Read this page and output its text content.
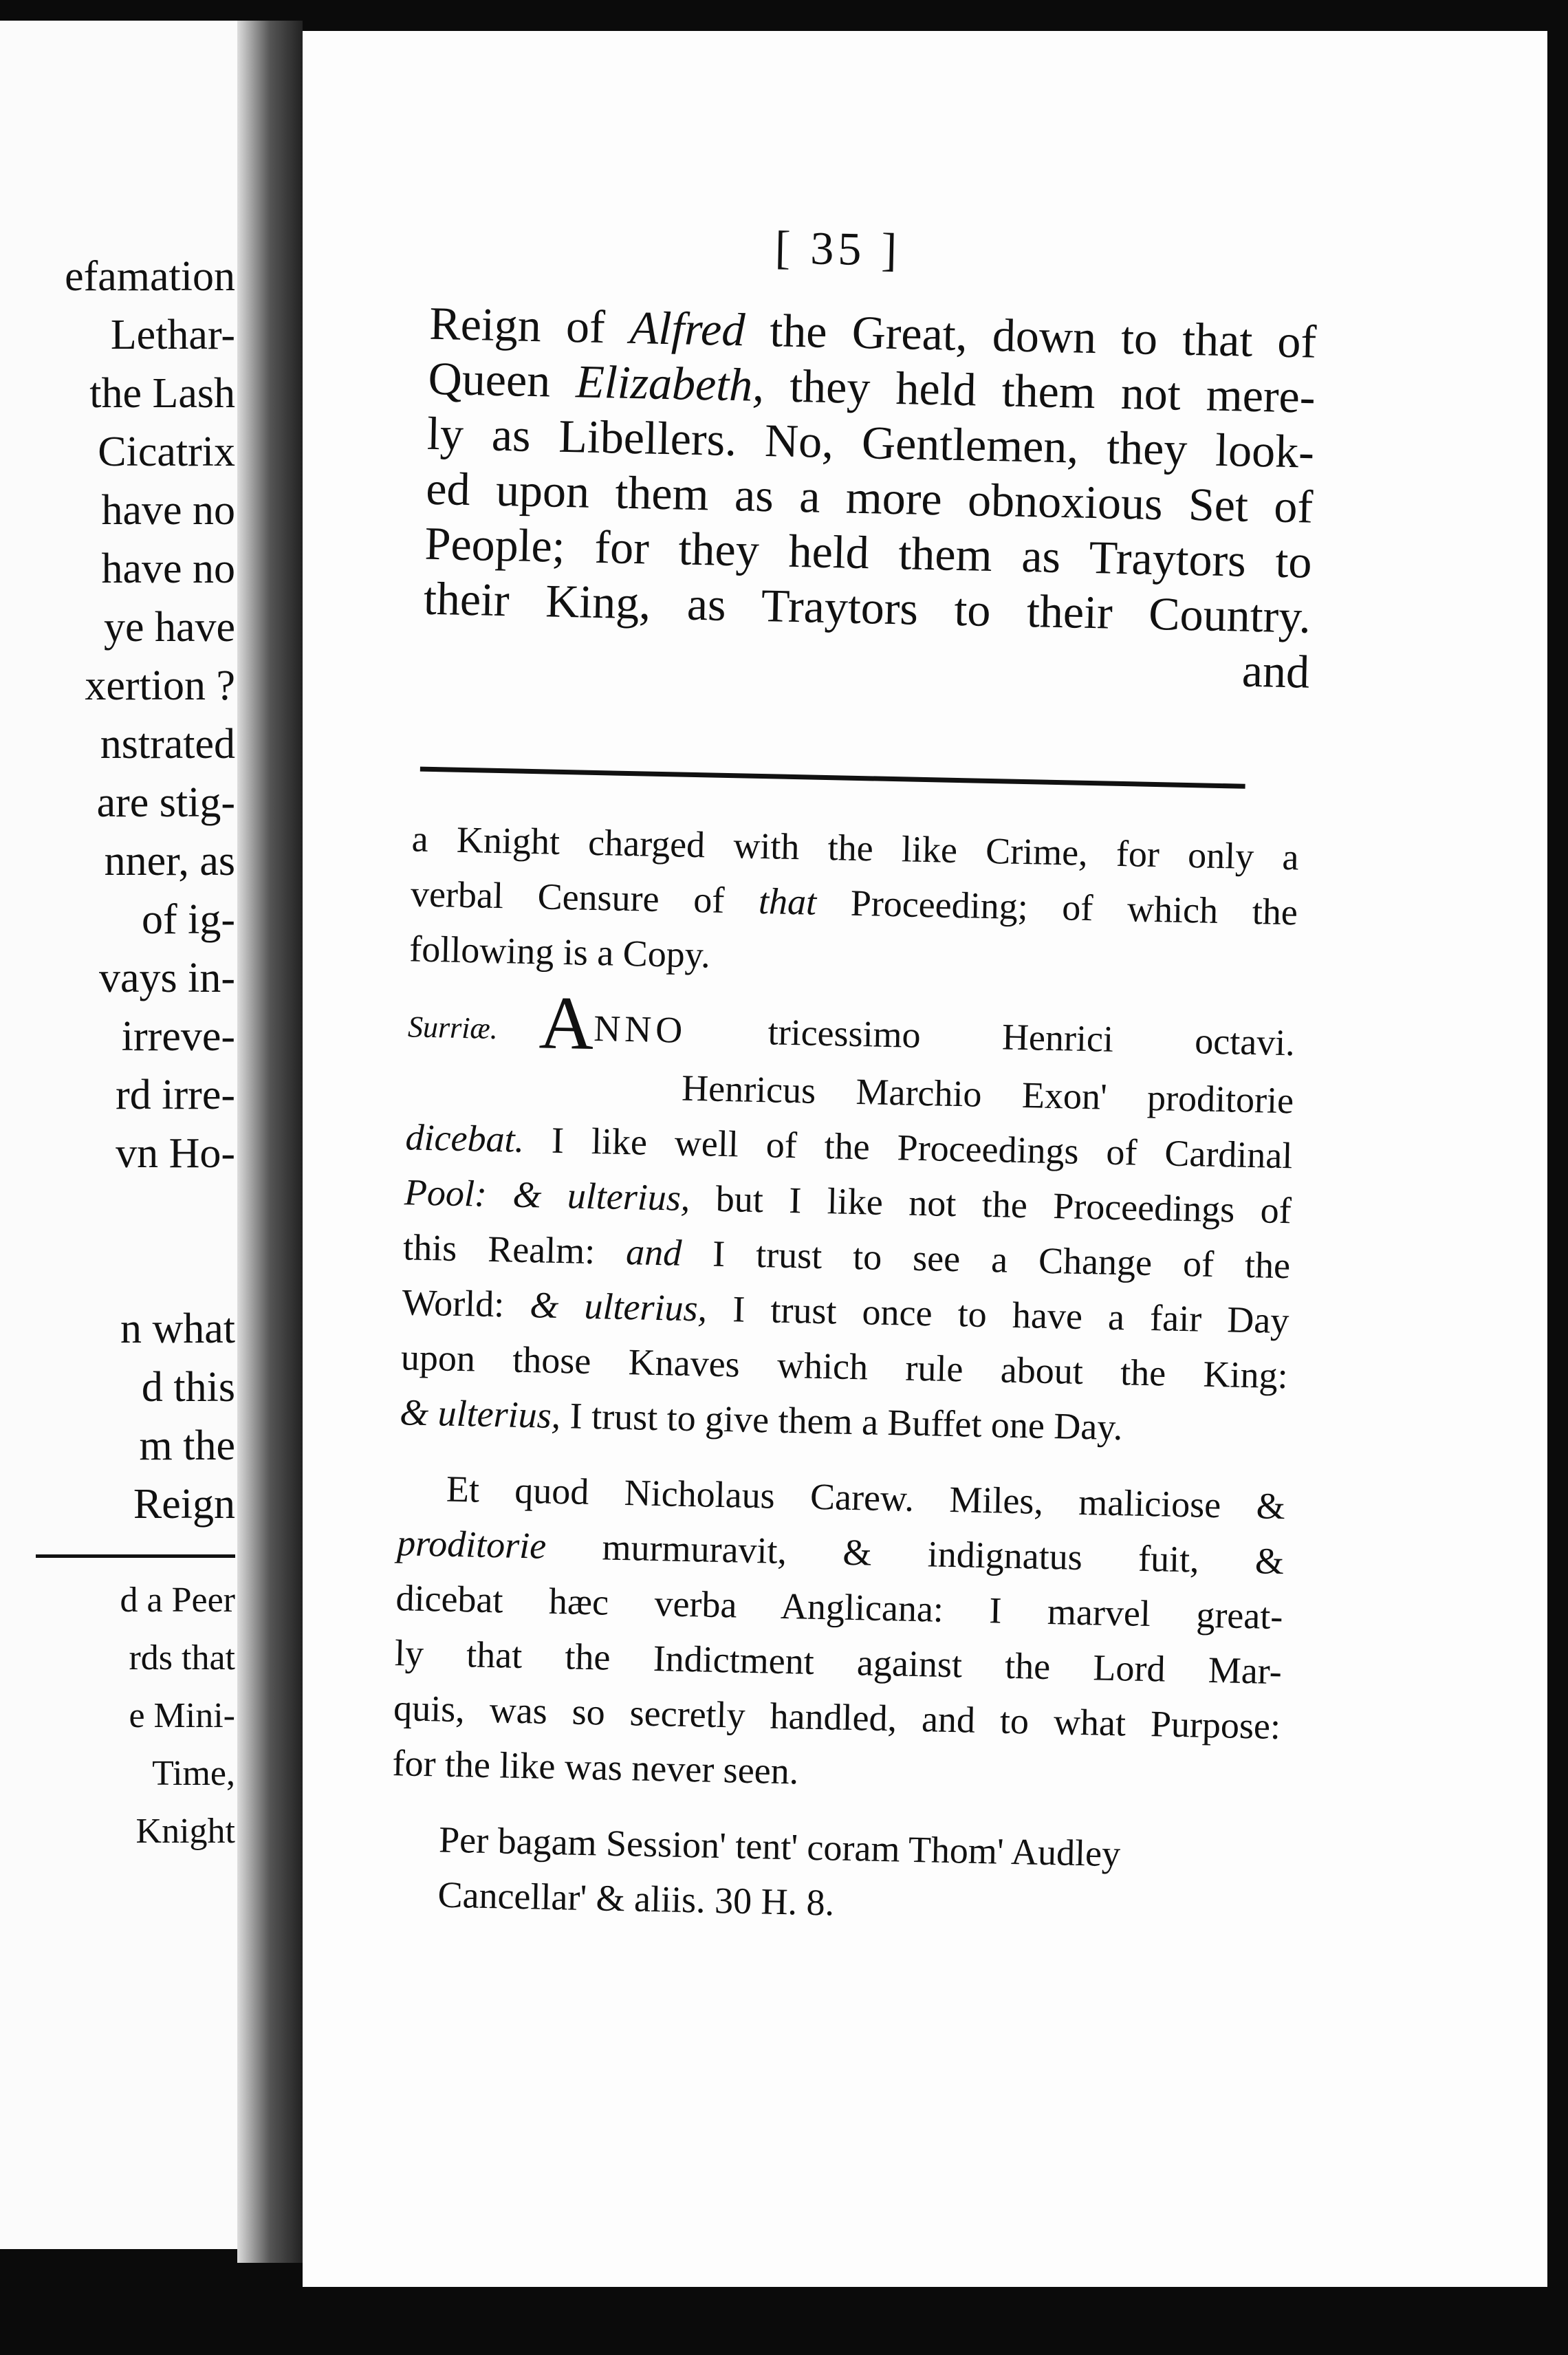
efamation
Lethar-
the Lash
Cicatrix
have no
have no
ye have
xertion ?
nstrated
are stig-
nner, as
of ig-
vays in-
irreve-
rd irre-
vn Ho-
n what
d this
m the
Reign
d a Peer
rds that
e Mini-
Time,
Knight
[ 35 ]
Reign of Alfred the Great, down to that of
Queen Elizabeth, they held them not mere-
ly as Libellers. No, Gentlemen, they look-
ed upon them as a more obnoxious Set of
People; for they held them as Traytors to
their King, as Traytors to their Country.
and
a Knight charged with the like Crime, for only a
verbal Censure of that Proceeding; of which the
following is a Copy.
Surriæ. ANNO tricessimo Henrici octavi.
Henricus Marchio Exon' proditorie
dicebat. I like well of the Proceedings of Cardinal
Pool: & ulterius, but I like not the Proceedings of
this Realm: and I trust to see a Change of the
World: & ulterius, I trust once to have a fair Day
upon those Knaves which rule about the King:
& ulterius, I trust to give them a Buffet one Day.
Et quod Nicholaus Carew. Miles, maliciose &
proditorie murmuravit, & indignatus fuit, &
dicebat hæc verba Anglicana: I marvel great-
ly that the Indictment against the Lord Mar-
quis, was so secretly handled, and to what Purpose:
for the like was never seen.
Per bagam Session' tent' coram Thom' Audley
Cancellar' & aliis. 30 H. 8.
